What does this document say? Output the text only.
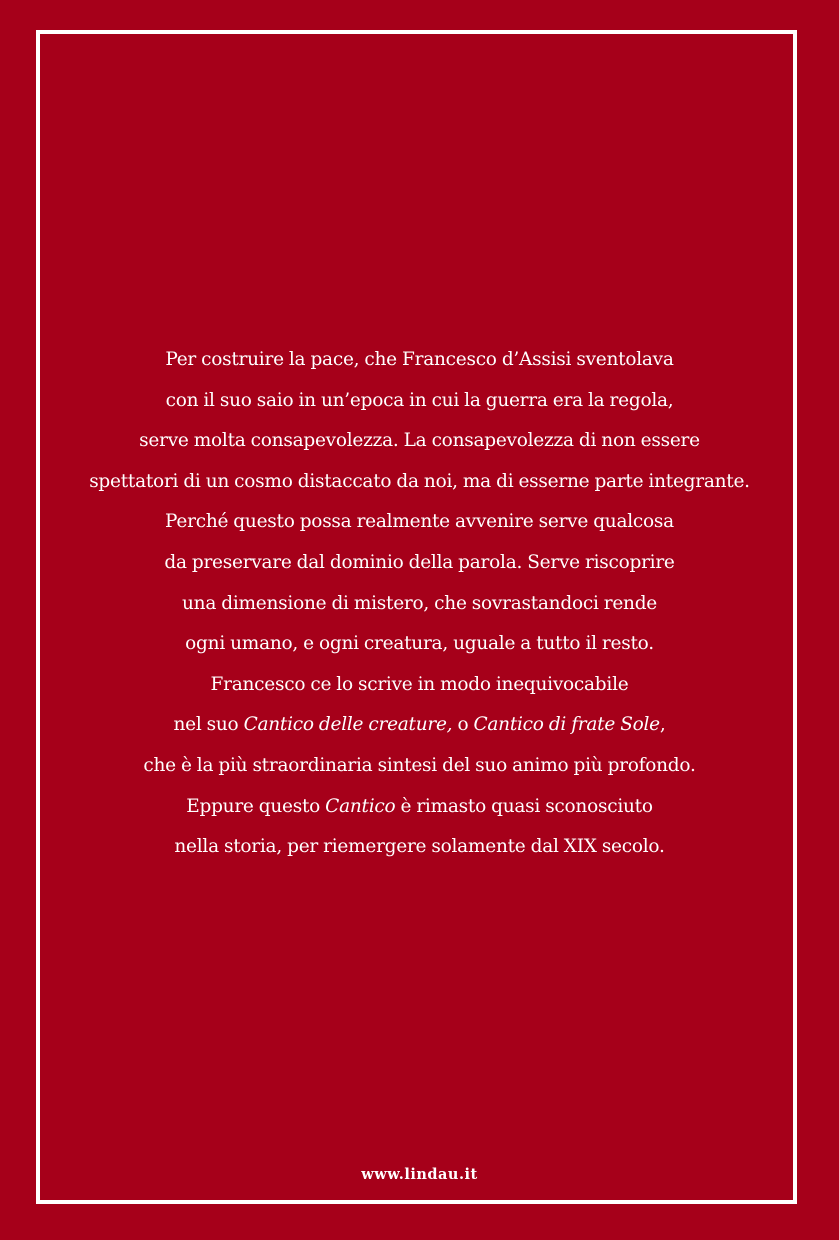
Per costruire la pace, che Francesco d’Assisi sventolava
con il suo saio in un’epoca in cui la guerra era la regola,
serve molta consapevolezza. La consapevolezza di non essere
spettatori di un cosmo distaccato da noi, ma di esserne parte integrante.
Perché questo possa realmente avvenire serve qualcosa
da preservare dal dominio della parola. Serve riscoprire
una dimensione di mistero, che sovrastandoci rende
ogni umano, e ogni creatura, uguale a tutto il resto.
Francesco ce lo scrive in modo inequivocabile
nel suo Cantico delle creature, o Cantico di frate Sole,
che è la più straordinaria sintesi del suo animo più profondo.
Eppure questo Cantico è rimasto quasi sconosciuto
nella storia, per riemergere solamente dal XIX secolo.
www.lindau.it
